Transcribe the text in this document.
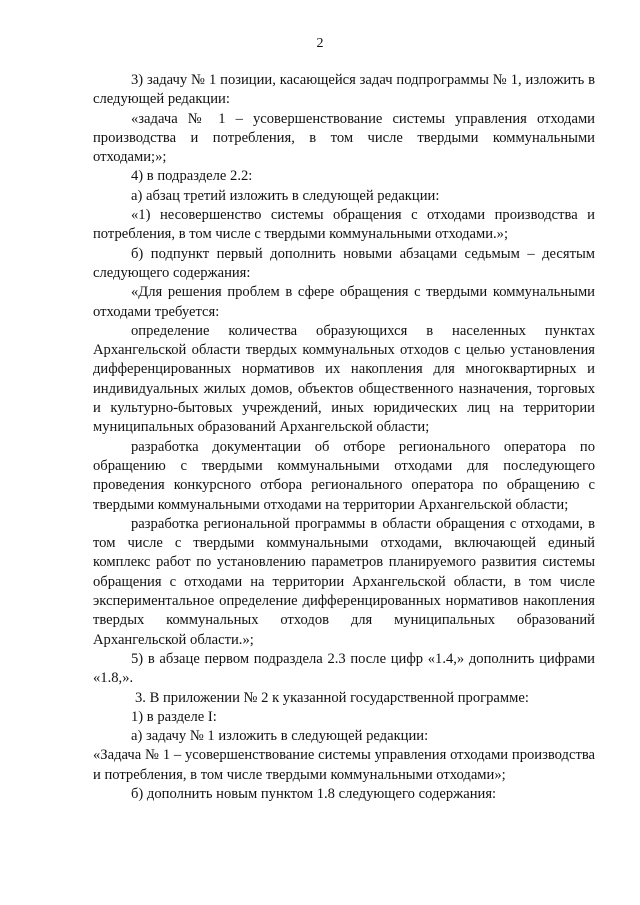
2

3) задачу № 1 позиции, касающейся задач подпрограммы № 1, изложить в следующей редакции:

«задача № 1 – усовершенствование системы управления отходами производства и потребления, в том числе твердыми коммунальными отходами;»;

4) в подразделе 2.2:

а) абзац третий изложить в следующей редакции:

«1) несовершенство системы обращения с отходами производства и потребления, в том числе с твердыми коммунальными отходами.»;

б) подпункт первый дополнить новыми абзацами седьмым – десятым следующего содержания:

«Для решения проблем в сфере обращения с твердыми коммунальными отходами требуется:

определение количества образующихся в населенных пунктах Архангельской области твердых коммунальных отходов с целью установления дифференцированных нормативов их накопления для многоквартирных и индивидуальных жилых домов, объектов общественного назначения, торговых и культурно-бытовых учреждений, иных юридических лиц на территории муниципальных образований Архангельской области;

разработка документации об отборе регионального оператора по обращению с твердыми коммунальными отходами для последующего проведения конкурсного отбора регионального оператора по обращению с твердыми коммунальными отходами на территории Архангельской области;

разработка региональной программы в области обращения с отходами, в том числе с твердыми коммунальными отходами, включающей единый комплекс работ по установлению параметров планируемого развития системы обращения с отходами на территории Архангельской области, в том числе экспериментальное определение дифференцированных нормативов накопления твердых коммунальных отходов для муниципальных образований Архангельской области.»;

5) в абзаце первом подраздела 2.3 после цифр «1.4,» дополнить цифрами «1.8,».

3. В приложении № 2 к указанной государственной программе:

1) в разделе I:

а) задачу № 1 изложить в следующей редакции:

«Задача № 1 – усовершенствование системы управления отходами производства и потребления, в том числе твердыми коммунальными отходами»;

б) дополнить новым пунктом 1.8 следующего содержания:
